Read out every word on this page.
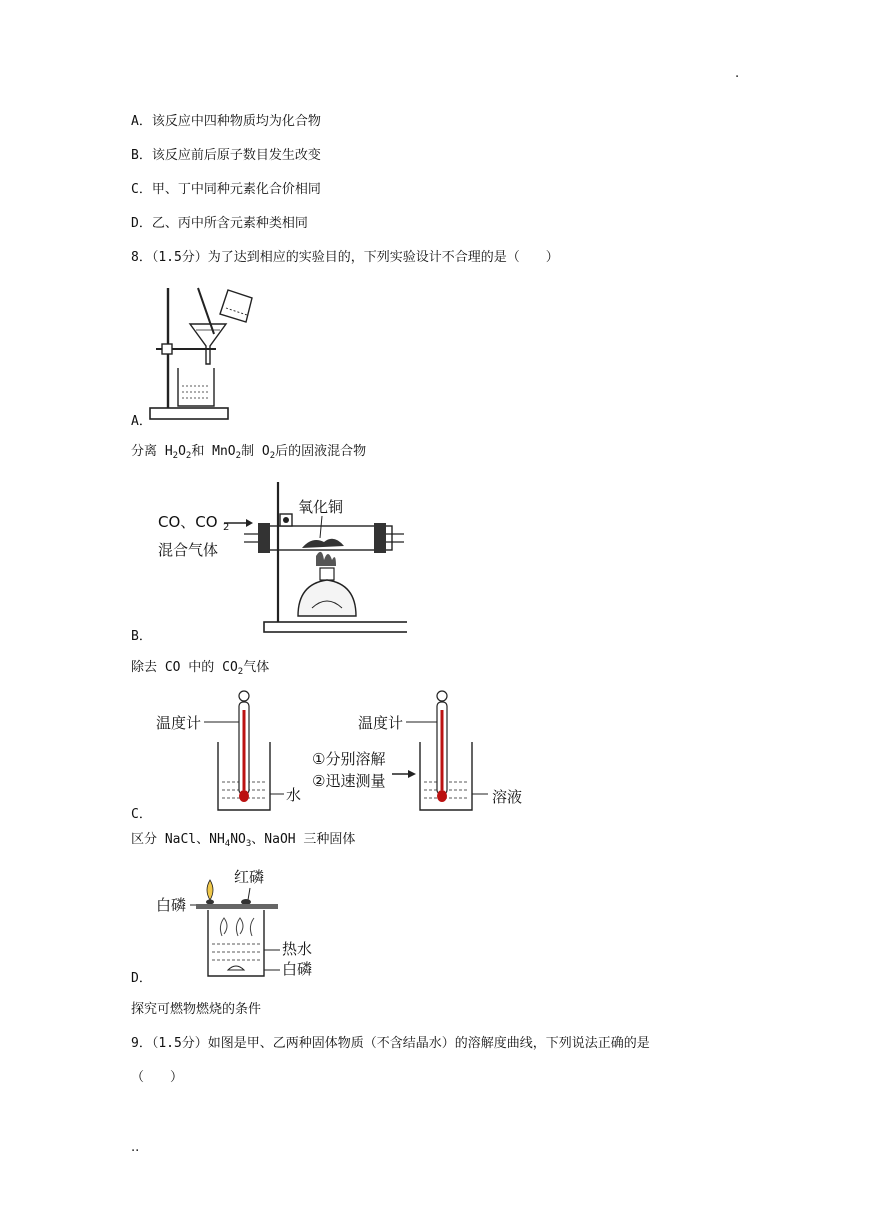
.
A．该反应中四种物质均为化合物
B．该反应前后原子数目发生改变
C．甲、丁中同种元素化合价相同
D．乙、丙中所含元素种类相同
8．（1.5分）为了达到相应的实验目的，下列实验设计不合理的是（　　）
A．
分离 $H_2O_2$和 MnO$_2$制 $O_2$后的固液混合物
CO、CO 2
混合气体
氧化铜
B．
除去 CO 中的 $CO_2$气体
温度计
水
①分别溶解
②迅速测量
温度计
溶液
C．
区分 NaCl、$NH_4NO_3$、NaOH 三种固体
红磷
白磷
热水
白磷
D．
探究可燃物燃烧的条件
9．（1.5分）如图是甲、乙两种固体物质（不含结晶水）的溶解度曲线，下列说法正确的是
（　　）
..
